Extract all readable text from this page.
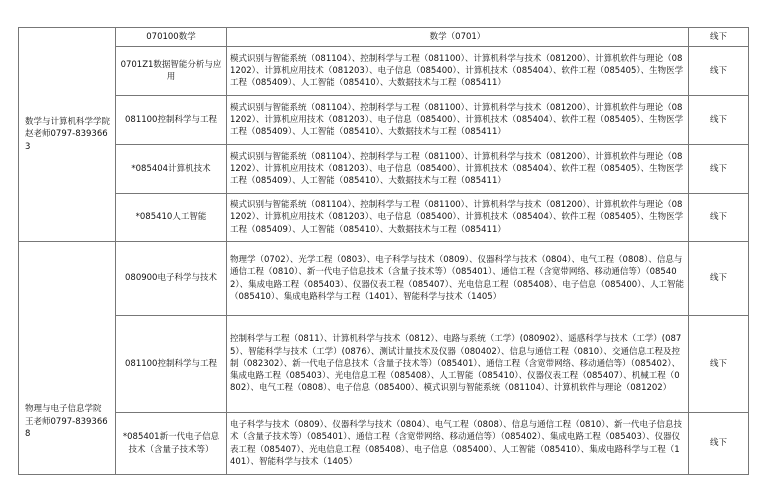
数学与计算机科学学院
赵老师0797-8393663	070100数学	数学（0701）	线下
	0701Z1数据智能分析与应用	模式识别与智能系统（081104）、控制科学与工程（081100）、计算机科学与技术（081200）、计算机软件与理论（081202）、计算机应用技术（081203）、电子信息（085400）、计算机技术（085404）、软件工程（085405）、生物医学工程（085409）、人工智能（085410）、大数据技术与工程（085411）	线下
	081100控制科学与工程	模式识别与智能系统（081104）、控制科学与工程（081100）、计算机科学与技术（081200）、计算机软件与理论（081202）、计算机应用技术（081203）、电子信息（085400）、计算机技术（085404）、软件工程（085405）、生物医学工程（085409）、人工智能（085410）、大数据技术与工程（085411）	线下
	*085404计算机技术	模式识别与智能系统（081104）、控制科学与工程（081100）、计算机科学与技术（081200）、计算机软件与理论（081202）、计算机应用技术（081203）、电子信息（085400）、计算机技术（085404）、软件工程（085405）、生物医学工程（085409）、人工智能（085410）、大数据技术与工程（085411）	线下
	*085410人工智能	模式识别与智能系统（081104）、控制科学与工程（081100）、计算机科学与技术（081200）、计算机软件与理论（081202）、计算机应用技术（081203）、电子信息（085400）、计算机技术（085404）、软件工程（085405）、生物医学工程（085409）、人工智能（085410）、大数据技术与工程（085411）	线下

物理与电子信息学院
王老师0797-8393668	080900电子科学与技术	物理学（0702）、光学工程（0803）、电子科学与技术（0809）、仪器科学与技术（0804）、电气工程（0808）、信息与通信工程（0810）、新一代电子信息技术（含量子技术等）（085401）、通信工程（含宽带网络、移动通信等）（085402）、集成电路工程（085403）、仪器仪表工程（085407）、光电信息工程（085408）、电子信息（085400）、人工智能（085410）、集成电路科学与工程（1401）、智能科学与技术（1405）	线下
	081100控制科学与工程	控制科学与工程（0811）、计算机科学与技术（0812）、电路与系统（工学）(080902）、遥感科学与技术（工学）(0875）、智能科学与技术（工学）(0876）、测试计量技术及仪器（080402）、信息与通信工程（0810）、交通信息工程及控制（082302）、新一代电子信息技术（含量子技术等）（085401）、通信工程（含宽带网络、移动通信等）（085402）、集成电路工程（085403）、光电信息工程（085408）、人工智能（085410）、仪器仪表工程（085407）、机械工程（0802）、电气工程（0808）、电子信息（085400）、模式识别与智能系统（081104）、计算机软件与理论（081202）	线下
	*085401新一代电子信息技术（含量子技术等）	电子科学与技术（0809）、仪器科学与技术（0804）、电气工程（0808）、信息与通信工程（0810）、新一代电子信息技术（含量子技术等）（085401）、通信工程（含宽带网络、移动通信等）（085402）、集成电路工程（085403）、仪器仪表工程（085407）、光电信息工程（085408）、电子信息（085400）、人工智能（085410）、集成电路科学与工程（1401）、智能科学与技术（1405）	线下
